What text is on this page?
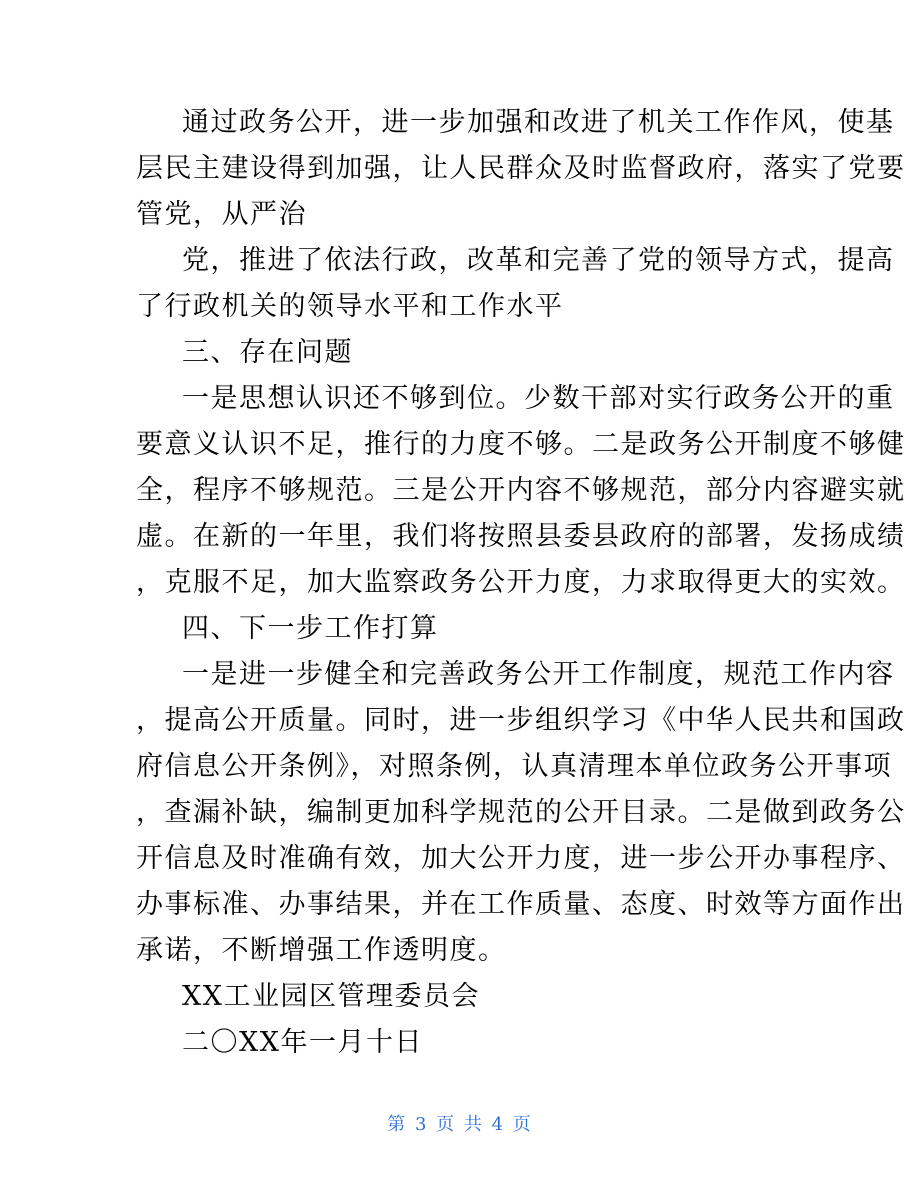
通过政务公开，进一步加强和改进了机关工作作风，使基
层民主建设得到加强，让人民群众及时监督政府，落实了党要
管党，从严治
党，推进了依法行政，改革和完善了党的领导方式，提高
了行政机关的领导水平和工作水平
三、存在问题
一是思想认识还不够到位。少数干部对实行政务公开的重
要意义认识不足，推行的力度不够。二是政务公开制度不够健
全，程序不够规范。三是公开内容不够规范，部分内容避实就
虚。在新的一年里，我们将按照县委县政府的部署，发扬成绩
，克服不足，加大监察政务公开力度，力求取得更大的实效。
四、下一步工作打算
一是进一步健全和完善政务公开工作制度，规范工作内容
，提高公开质量。同时，进一步组织学习《中华人民共和国政
府信息公开条例》，对照条例，认真清理本单位政务公开事项
，查漏补缺，编制更加科学规范的公开目录。二是做到政务公
开信息及时准确有效，加大公开力度，进一步公开办事程序、
办事标准、办事结果，并在工作质量、态度、时效等方面作出
承诺，不断增强工作透明度。
XX工业园区管理委员会
二〇XX年一月十日
第 3 页 共 4 页
